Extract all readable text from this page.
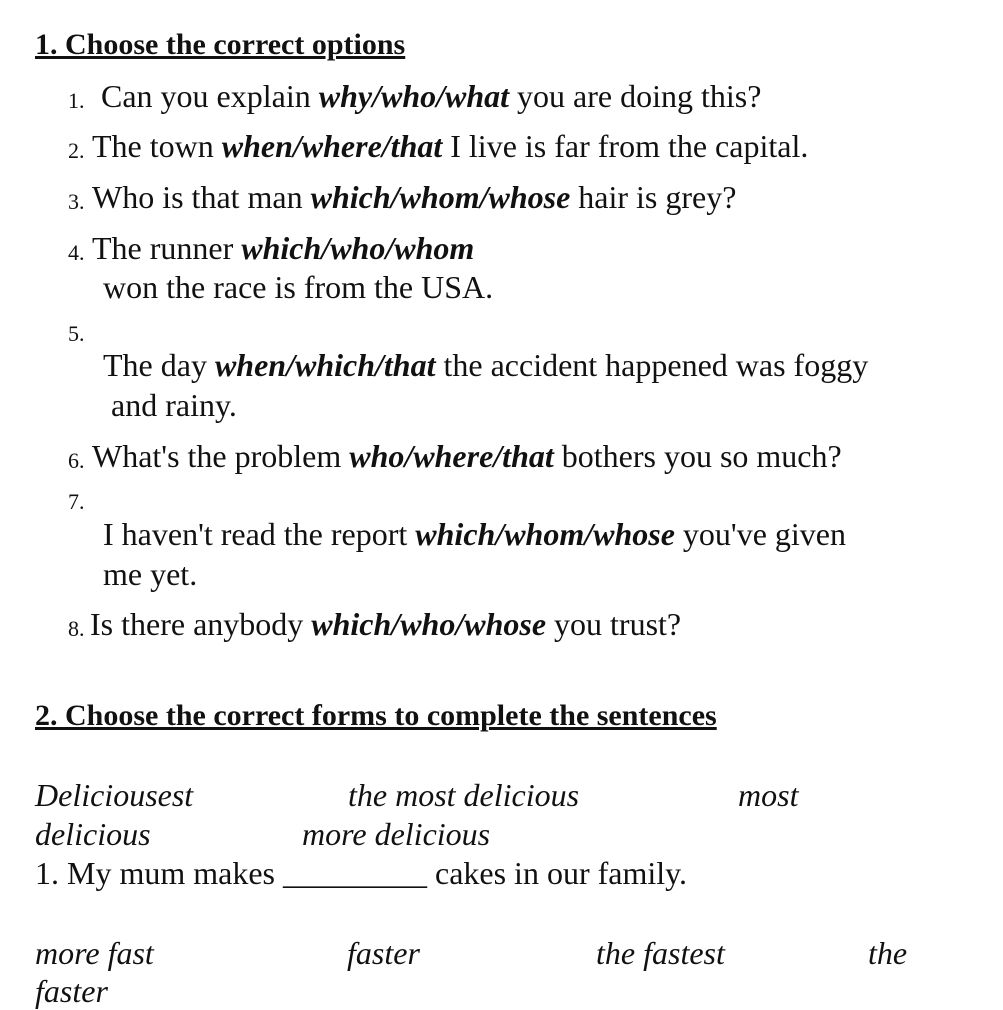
1. Choose the correct options
1. Can you explain why/who/what you are doing this?
2. The town when/where/that I live is far from the capital.
3. Who is that man which/whom/whose hair is grey?
4. The runner which/who/whom
won the race is from the USA.
5.
The day when/which/that the accident happened was foggy
and rainy.
6. What's the problem who/where/that bothers you so much?
7.
I haven't read the report which/whom/whose you've given
me yet.
8. Is there anybody which/who/whose you trust?
2. Choose the correct forms to complete the sentences
Deliciousest	the most delicious	most
delicious	more delicious
1. My mum makes _________ cakes in our family.
more fast	faster	the fastest	the
faster
